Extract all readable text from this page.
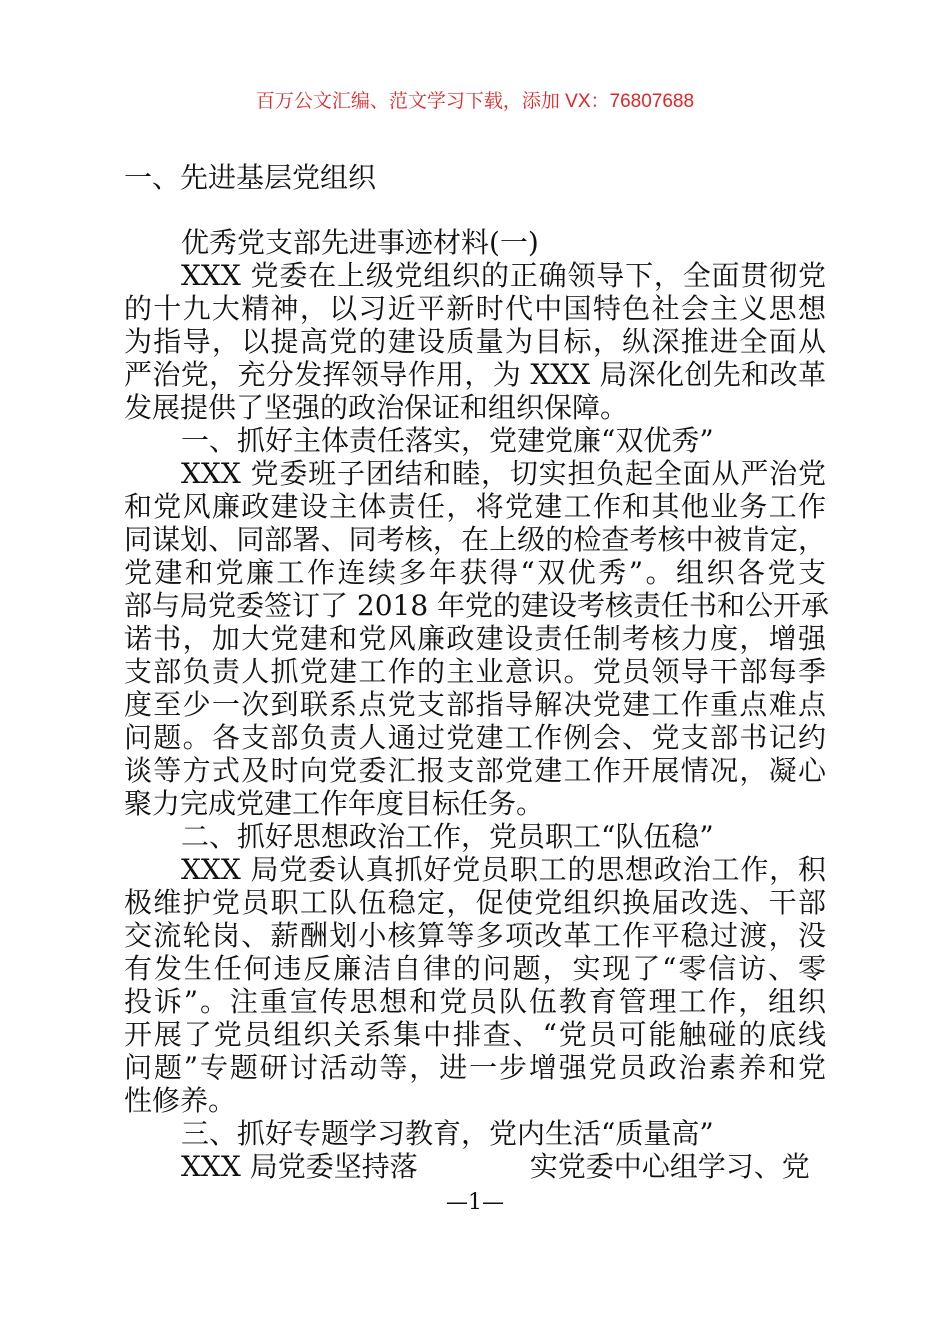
百万公文汇编、范文学习下载，添加 VX：76807688
一、先进基层党组织
优秀党支部先进事迹材料(一)
XXX 党委在上级党组织的正确领导下，全面贯彻党
的十九大精神，以习近平新时代中国特色社会主义思想
为指导，以提高党的建设质量为目标，纵深推进全面从
严治党，充分发挥领导作用，为 XXX 局深化创先和改革
发展提供了坚强的政治保证和组织保障。
一、抓好主体责任落实，党建党廉“双优秀”
XXX 党委班子团结和睦，切实担负起全面从严治党
和党风廉政建设主体责任，将党建工作和其他业务工作
同谋划、同部署、同考核，在上级的检查考核中被肯定，
党建和党廉工作连续多年获得“双优秀”。组织各党支
部与局党委签订了 2018 年党的建设考核责任书和公开承
诺书，加大党建和党风廉政建设责任制考核力度，增强
支部负责人抓党建工作的主业意识。党员领导干部每季
度至少一次到联系点党支部指导解决党建工作重点难点
问题。各支部负责人通过党建工作例会、党支部书记约
谈等方式及时向党委汇报支部党建工作开展情况，凝心
聚力完成党建工作年度目标任务。
二、抓好思想政治工作，党员职工“队伍稳”
XXX 局党委认真抓好党员职工的思想政治工作，积
极维护党员职工队伍稳定，促使党组织换届改选、干部
交流轮岗、薪酬划小核算等多项改革工作平稳过渡，没
有发生任何违反廉洁自律的问题，实现了“零信访、零
投诉”。注重宣传思想和党员队伍教育管理工作，组织
开展了党员组织关系集中排查、“党员可能触碰的底线
问题”专题研讨活动等，进一步增强党员政治素养和党
性修养。
三、抓好专题学习教育，党内生活“质量高”
XXX 局党委坚持落	实党委中心组学习、党
—1—
